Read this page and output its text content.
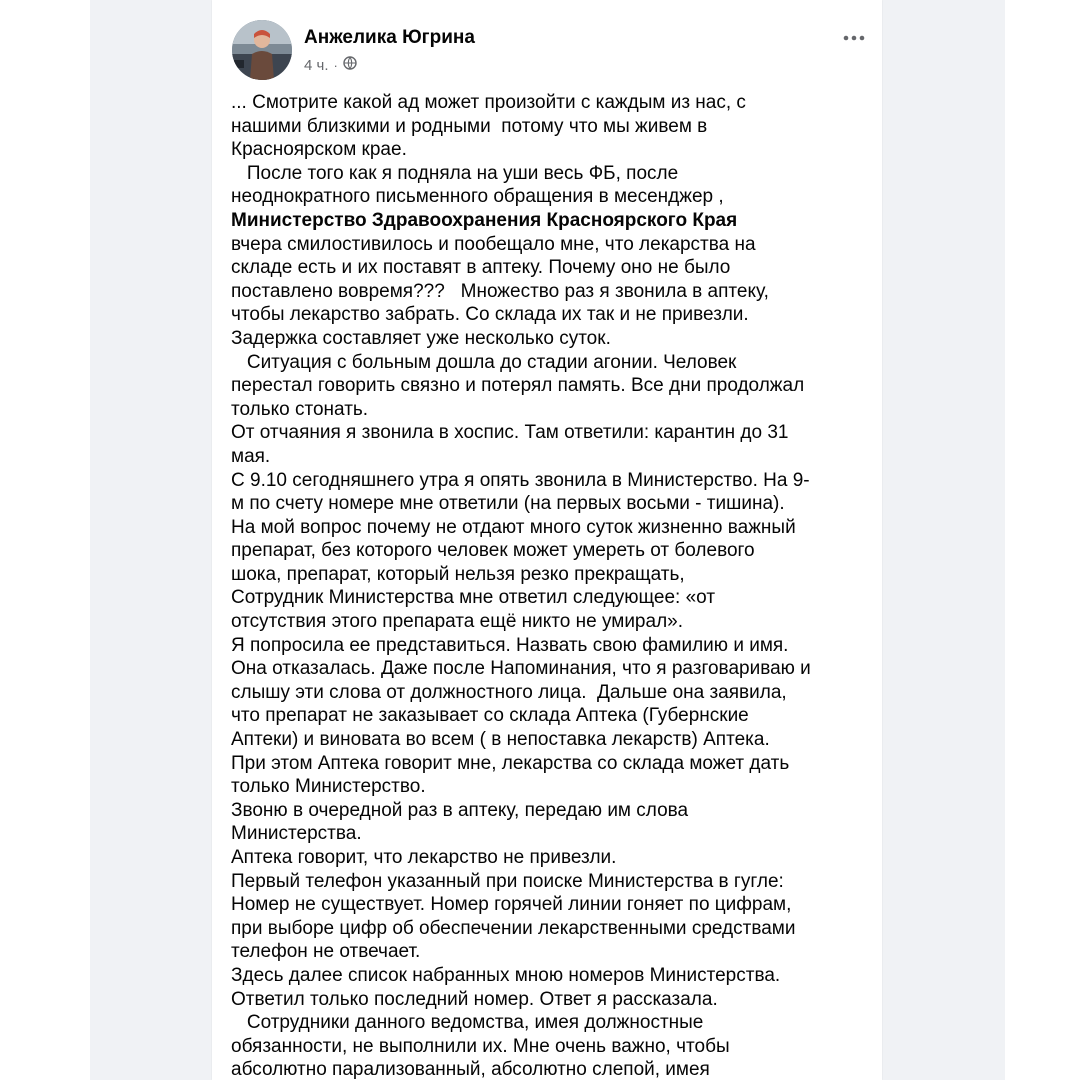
Анжелика Югрина
4 ч. ·

... Смотрите какой ад может произойти с каждым из нас, с

нашими близкими и родными  потому что мы живем в

Красноярском крае.

После того как я подняла на уши весь ФБ, после

неоднократного письменного обращения в месенджер ,

Министерство Здравоохранения Красноярского Края

вчера смилостивилось и пообещало мне, что лекарства на

складе есть и их поставят в аптеку. Почему оно не было

поставлено вовремя???   Множество раз я звонила в аптеку,

чтобы лекарство забрать. Со склада их так и не привезли.

Задержка составляет уже несколько суток.

Ситуация с больным дошла до стадии агонии. Человек

перестал говорить связно и потерял память. Все дни продолжал

только стонать.

От отчаяния я звонила в хоспис. Там ответили: карантин до 31

мая.

С 9.10 сегодняшнего утра я опять звонила в Министерство. На 9-

м по счету номере мне ответили (на первых восьми - тишина).

На мой вопрос почему не отдают много суток жизненно важный

препарат, без которого человек может умереть от болевого

шока, препарат, который нельзя резко прекращать,

Сотрудник Министерства мне ответил следующее: «от

отсутствия этого препарата ещё никто не умирал».

Я попросила ее представиться. Назвать свою фамилию и имя.

Она отказалась. Даже после Напоминания, что я разговариваю и

слышу эти слова от должностного лица.  Дальше она заявила,

что препарат не заказывает со склада Аптека (Губернские

Аптеки) и виновата во всем ( в непоставка лекарств) Аптека.

При этом Аптека говорит мне, лекарства со склада может дать

только Министерство.

Звоню в очередной раз в аптеку, передаю им слова

Министерства.

Аптека говорит, что лекарство не привезли.

Первый телефон указанный при поиске Министерства в гугле:

Номер не существует. Номер горячей линии гоняет по цифрам,

при выборе цифр об обеспечении лекарственными средствами

телефон не отвечает.

Здесь далее список набранных мною номеров Министерства.

Ответил только последний номер. Ответ я рассказала.

Сотрудники данного ведомства, имея должностные

обязанности, не выполнили их. Мне очень важно, чтобы

абсолютно парализованный, абсолютно слепой, имея
